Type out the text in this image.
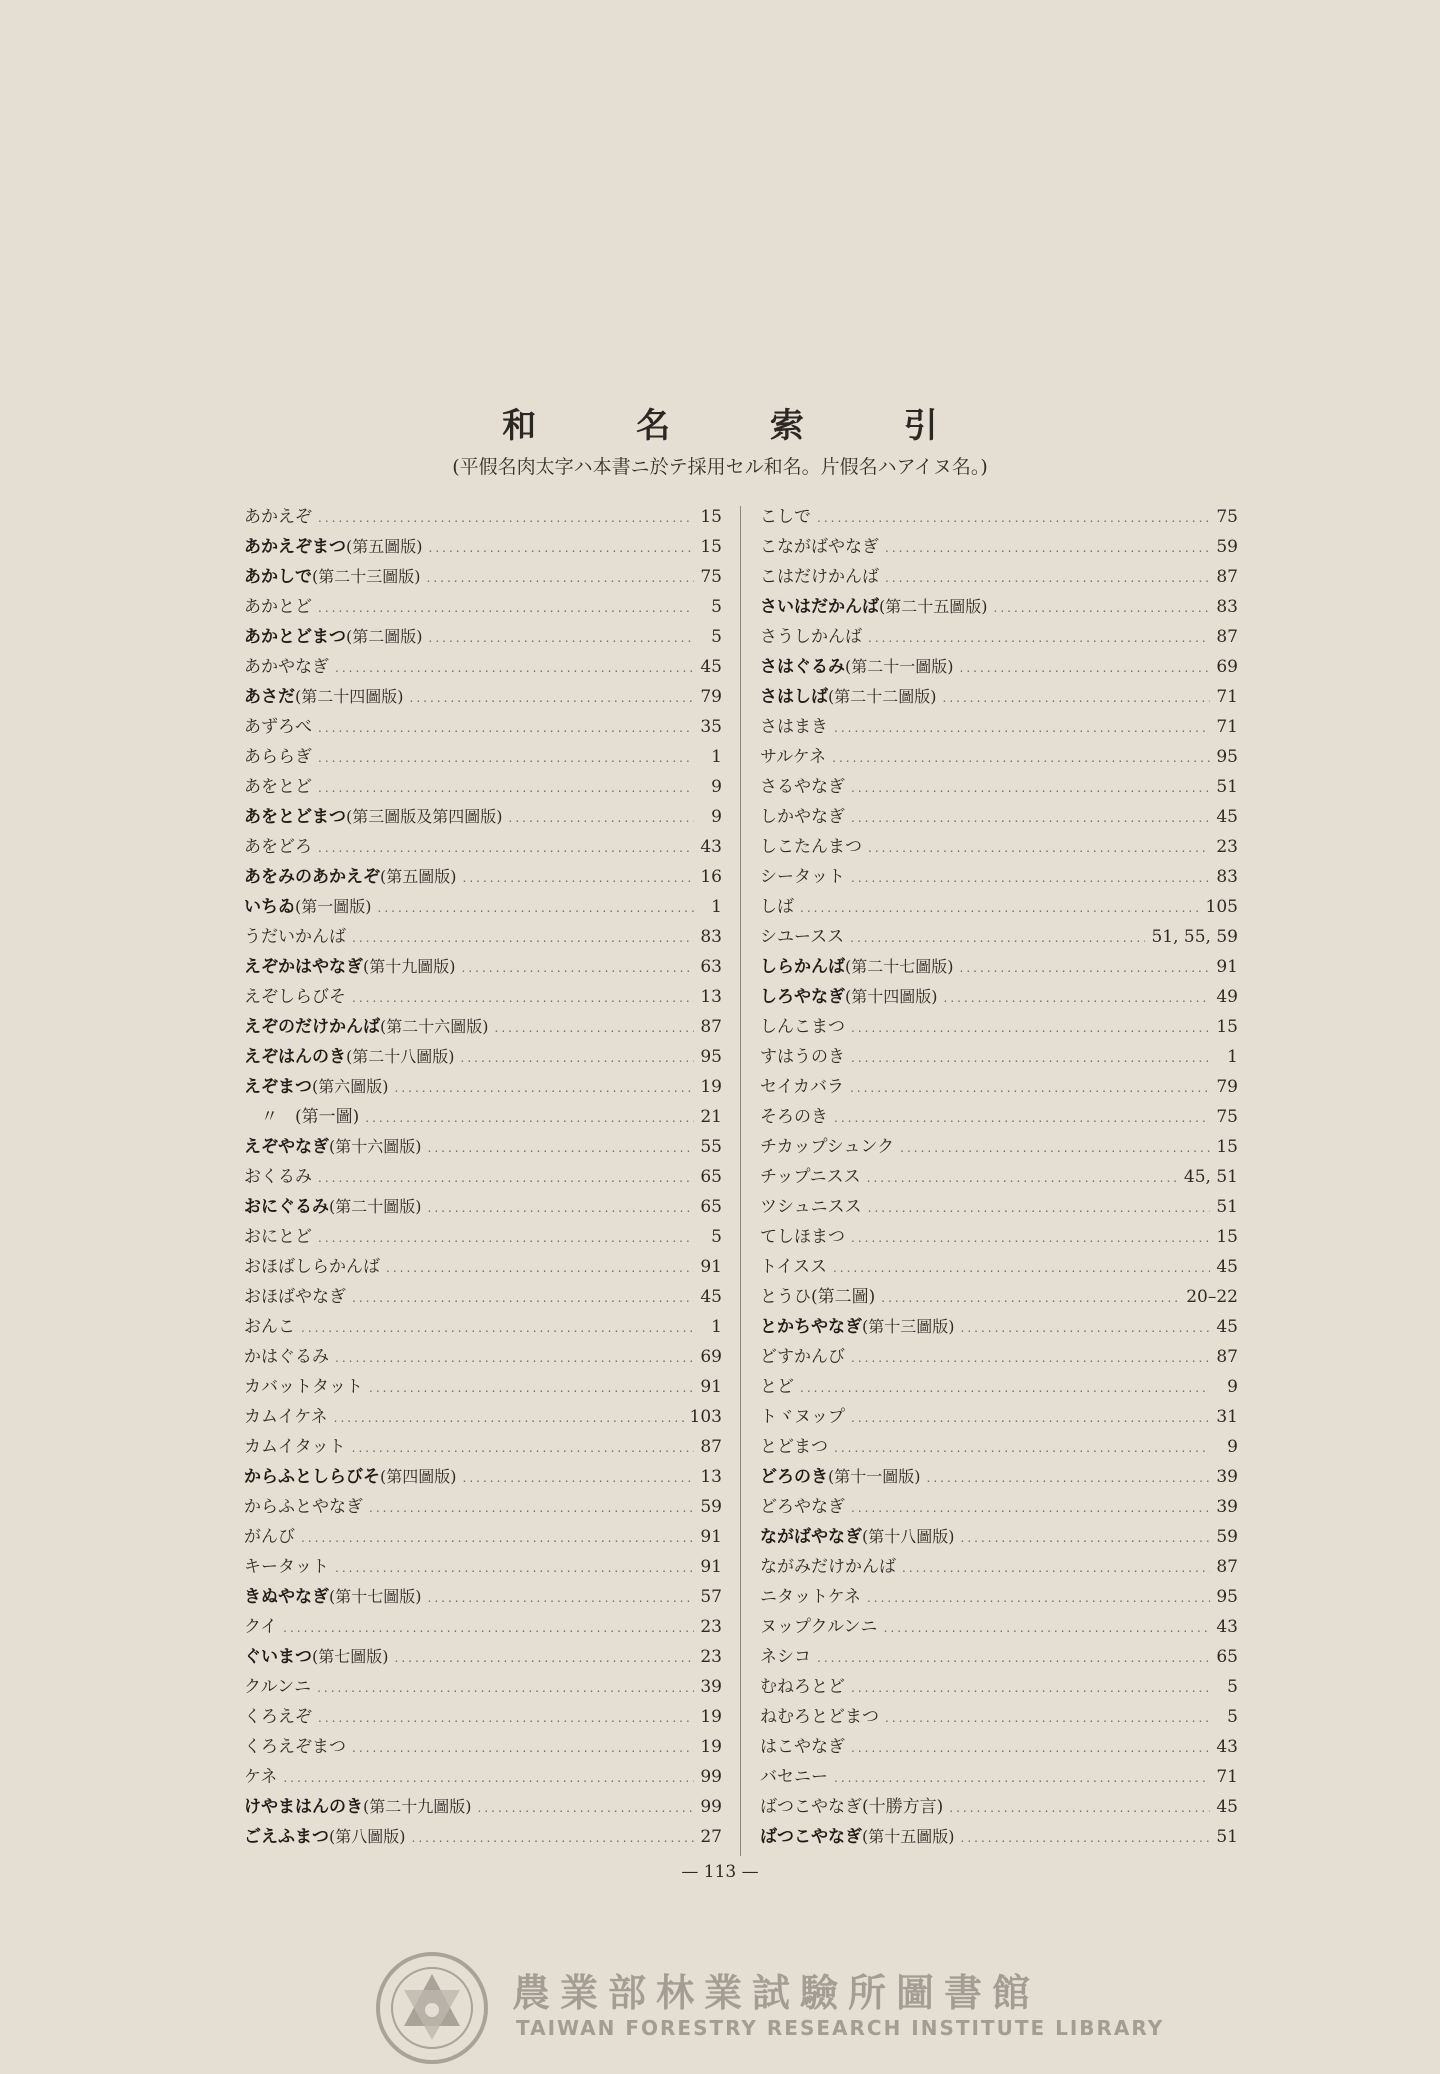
和 名 索 引
(平假名肉太字ハ本書ニ於テ採用セル和名。片假名ハアイヌ名。)
あかえぞ .....	15
あかえぞまつ(第五圖版) .....	15
あかしで(第二十三圖版) .....	75
あかとど .....	5
あかとどまつ(第二圖版) .....	5
あかやなぎ .....	45
あさだ(第二十四圖版) .....	79
あずろべ .....	35
あららぎ .....	1
あをとど .....	9
あをとどまつ(第三圖版及第四圖版) .....	9
あをどろ .....	43
あをみのあかえぞ(第五圖版) .....	16
いちゐ(第一圖版) .....	1
うだいかんば .....	83
えぞかはやなぎ(第十九圖版) .....	63
えぞしらびそ .....	13
えぞのだけかんば(第二十六圖版) .....	87
えぞはんのき(第二十八圖版) .....	95
えぞまつ(第六圖版) .....	19
　〃　(第一圖) .....	21
えぞやなぎ(第十六圖版) .....	55
おくるみ .....	65
おにぐるみ(第二十圖版) .....	65
おにとど .....	5
おほばしらかんば .....	91
おほばやなぎ .....	45
おんこ .....	1
かはぐるみ .....	69
カバットタット .....	91
カムイケネ .....	103
カムイタット .....	87
からふとしらびそ(第四圖版) .....	13
からふとやなぎ .....	59
がんび .....	91
キータット .....	91
きぬやなぎ(第十七圖版) .....	57
クイ .....	23
ぐいまつ(第七圖版) .....	23
クルンニ .....	39
くろえぞ .....	19
くろえぞまつ .....	19
ケネ .....	99
けやまはんのき(第二十九圖版) .....	99
ごえふまつ(第八圖版) .....	27
こしで .....	75
こながばやなぎ .....	59
こはだけかんば .....	87
さいはだかんば(第二十五圖版) .....	83
さうしかんば .....	87
さはぐるみ(第二十一圖版) .....	69
さはしば(第二十二圖版) .....	71
さはまき .....	71
サルケネ .....	95
さるやなぎ .....	51
しかやなぎ .....	45
しこたんまつ .....	23
シータット .....	83
しば .....	105
シユースス .....	51, 55, 59
しらかんば(第二十七圖版) .....	91
しろやなぎ(第十四圖版) .....	49
しんこまつ .....	15
すはうのき .....	1
セイカバラ .....	79
そろのき .....	75
チカップシュンク .....	15
チップニスス .....	45, 51
ツシュニスス .....	51
てしほまつ .....	15
トイスス .....	45
とうひ(第二圖) .....	20–22
とかちやなぎ(第十三圖版) .....	45
どすかんび .....	87
とど .....	9
トヾヌップ .....	31
とどまつ .....	9
どろのき(第十一圖版) .....	39
どろやなぎ .....	39
ながばやなぎ(第十八圖版) .....	59
ながみだけかんば .....	87
ニタットケネ .....	95
ヌップクルンニ .....	43
ネシコ .....	65
むねろとど .....	5
ねむろとどまつ .....	5
はこやなぎ .....	43
バセニー .....	71
ばつこやなぎ(十勝方言) .....	45
ばつこやなぎ(第十五圖版) .....	51
— 113 —
農業部林業試驗所圖書館
TAIWAN FORESTRY RESEARCH INSTITUTE LIBRARY
